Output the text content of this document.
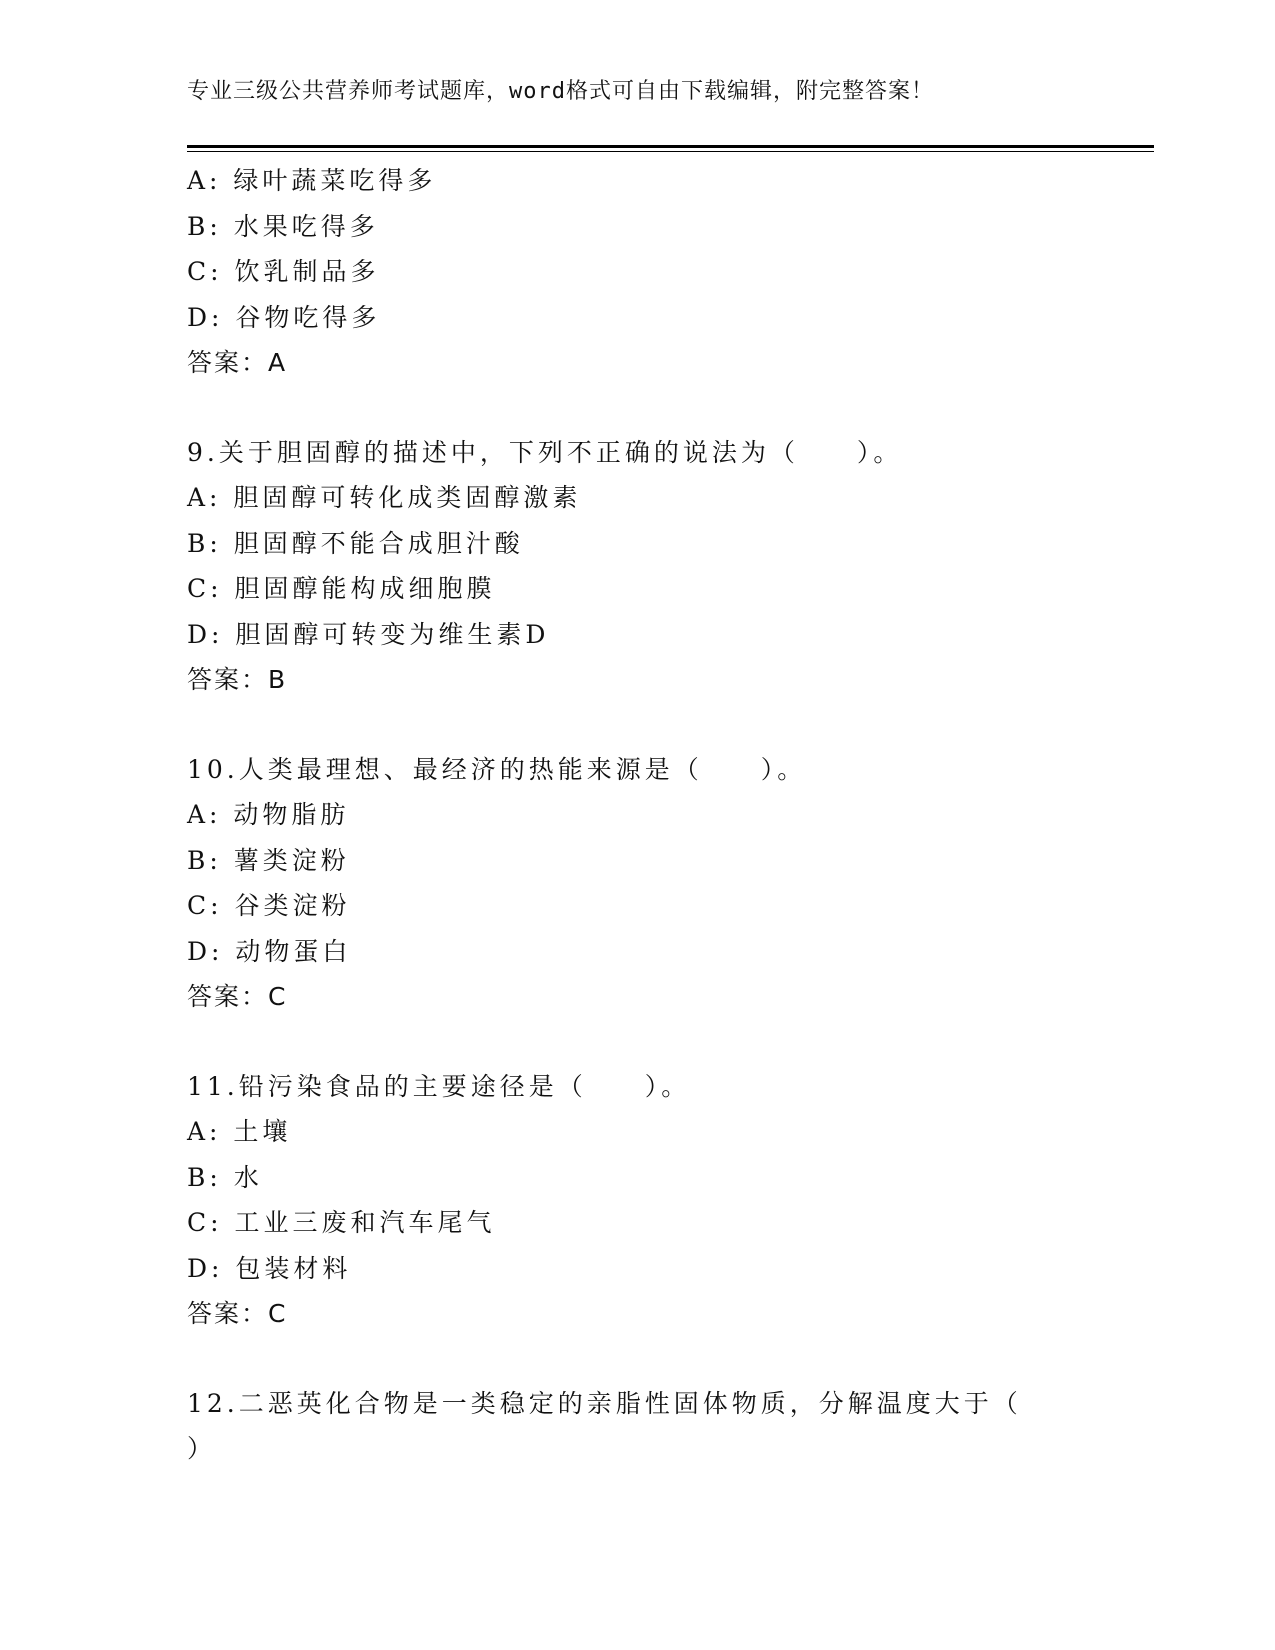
专业三级公共营养师考试题库，word格式可自由下载编辑，附完整答案！
A: 绿叶蔬菜吃得多
B: 水果吃得多
C: 饮乳制品多
D: 谷物吃得多
答案：A
9.关于胆固醇的描述中，下列不正确的说法为（　　）。
A: 胆固醇可转化成类固醇激素
B: 胆固醇不能合成胆汁酸
C: 胆固醇能构成细胞膜
D: 胆固醇可转变为维生素D
答案：B
10.人类最理想、最经济的热能来源是（　　）。
A: 动物脂肪
B: 薯类淀粉
C: 谷类淀粉
D: 动物蛋白
答案：C
11.铅污染食品的主要途径是（　　）。
A: 土壤
B: 水
C: 工业三废和汽车尾气
D: 包装材料
答案：C
12.二恶英化合物是一类稳定的亲脂性固体物质，分解温度大于（
）
